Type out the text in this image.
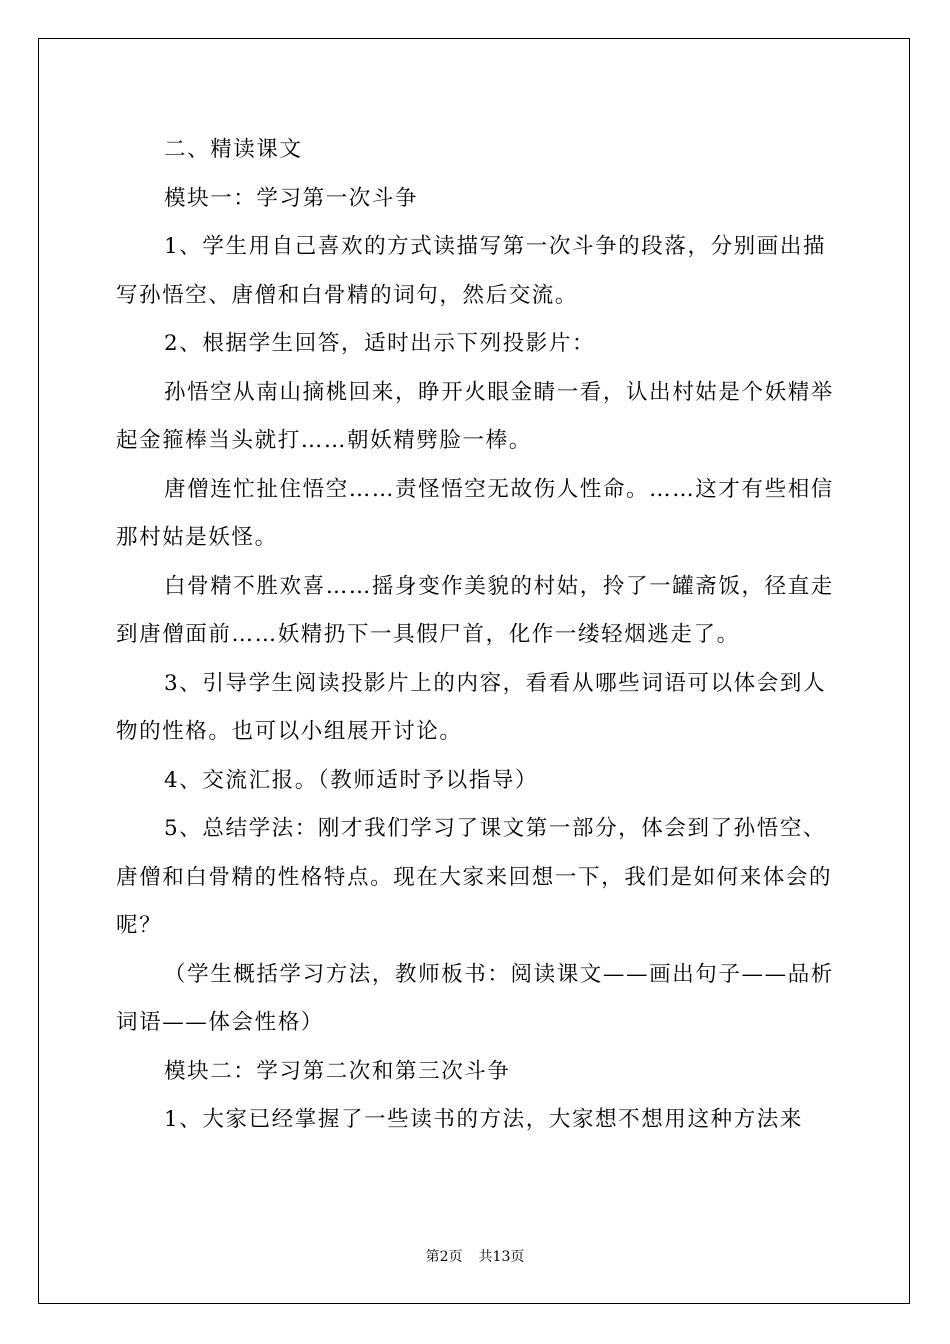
二、精读课文

模块一：学习第一次斗争

1、学生用自己喜欢的方式读描写第一次斗争的段落，分别画出描写孙悟空、唐僧和白骨精的词句，然后交流。

2、根据学生回答，适时出示下列投影片：

孙悟空从南山摘桃回来，睁开火眼金睛一看，认出村姑是个妖精举起金箍棒当头就打……朝妖精劈脸一棒。

唐僧连忙扯住悟空……责怪悟空无故伤人性命。……这才有些相信那村姑是妖怪。

白骨精不胜欢喜……摇身变作美貌的村姑，拎了一罐斋饭，径直走到唐僧面前……妖精扔下一具假尸首，化作一缕轻烟逃走了。

3、引导学生阅读投影片上的内容，看看从哪些词语可以体会到人物的性格。也可以小组展开讨论。

4、交流汇报。（教师适时予以指导）

5、总结学法：刚才我们学习了课文第一部分，体会到了孙悟空、唐僧和白骨精的性格特点。现在大家来回想一下，我们是如何来体会的呢？

（学生概括学习方法，教师板书：阅读课文——画出句子——品析词语——体会性格）

模块二：学习第二次和第三次斗争

1、大家已经掌握了一些读书的方法，大家想不想用这种方法来

第2页 共13页
